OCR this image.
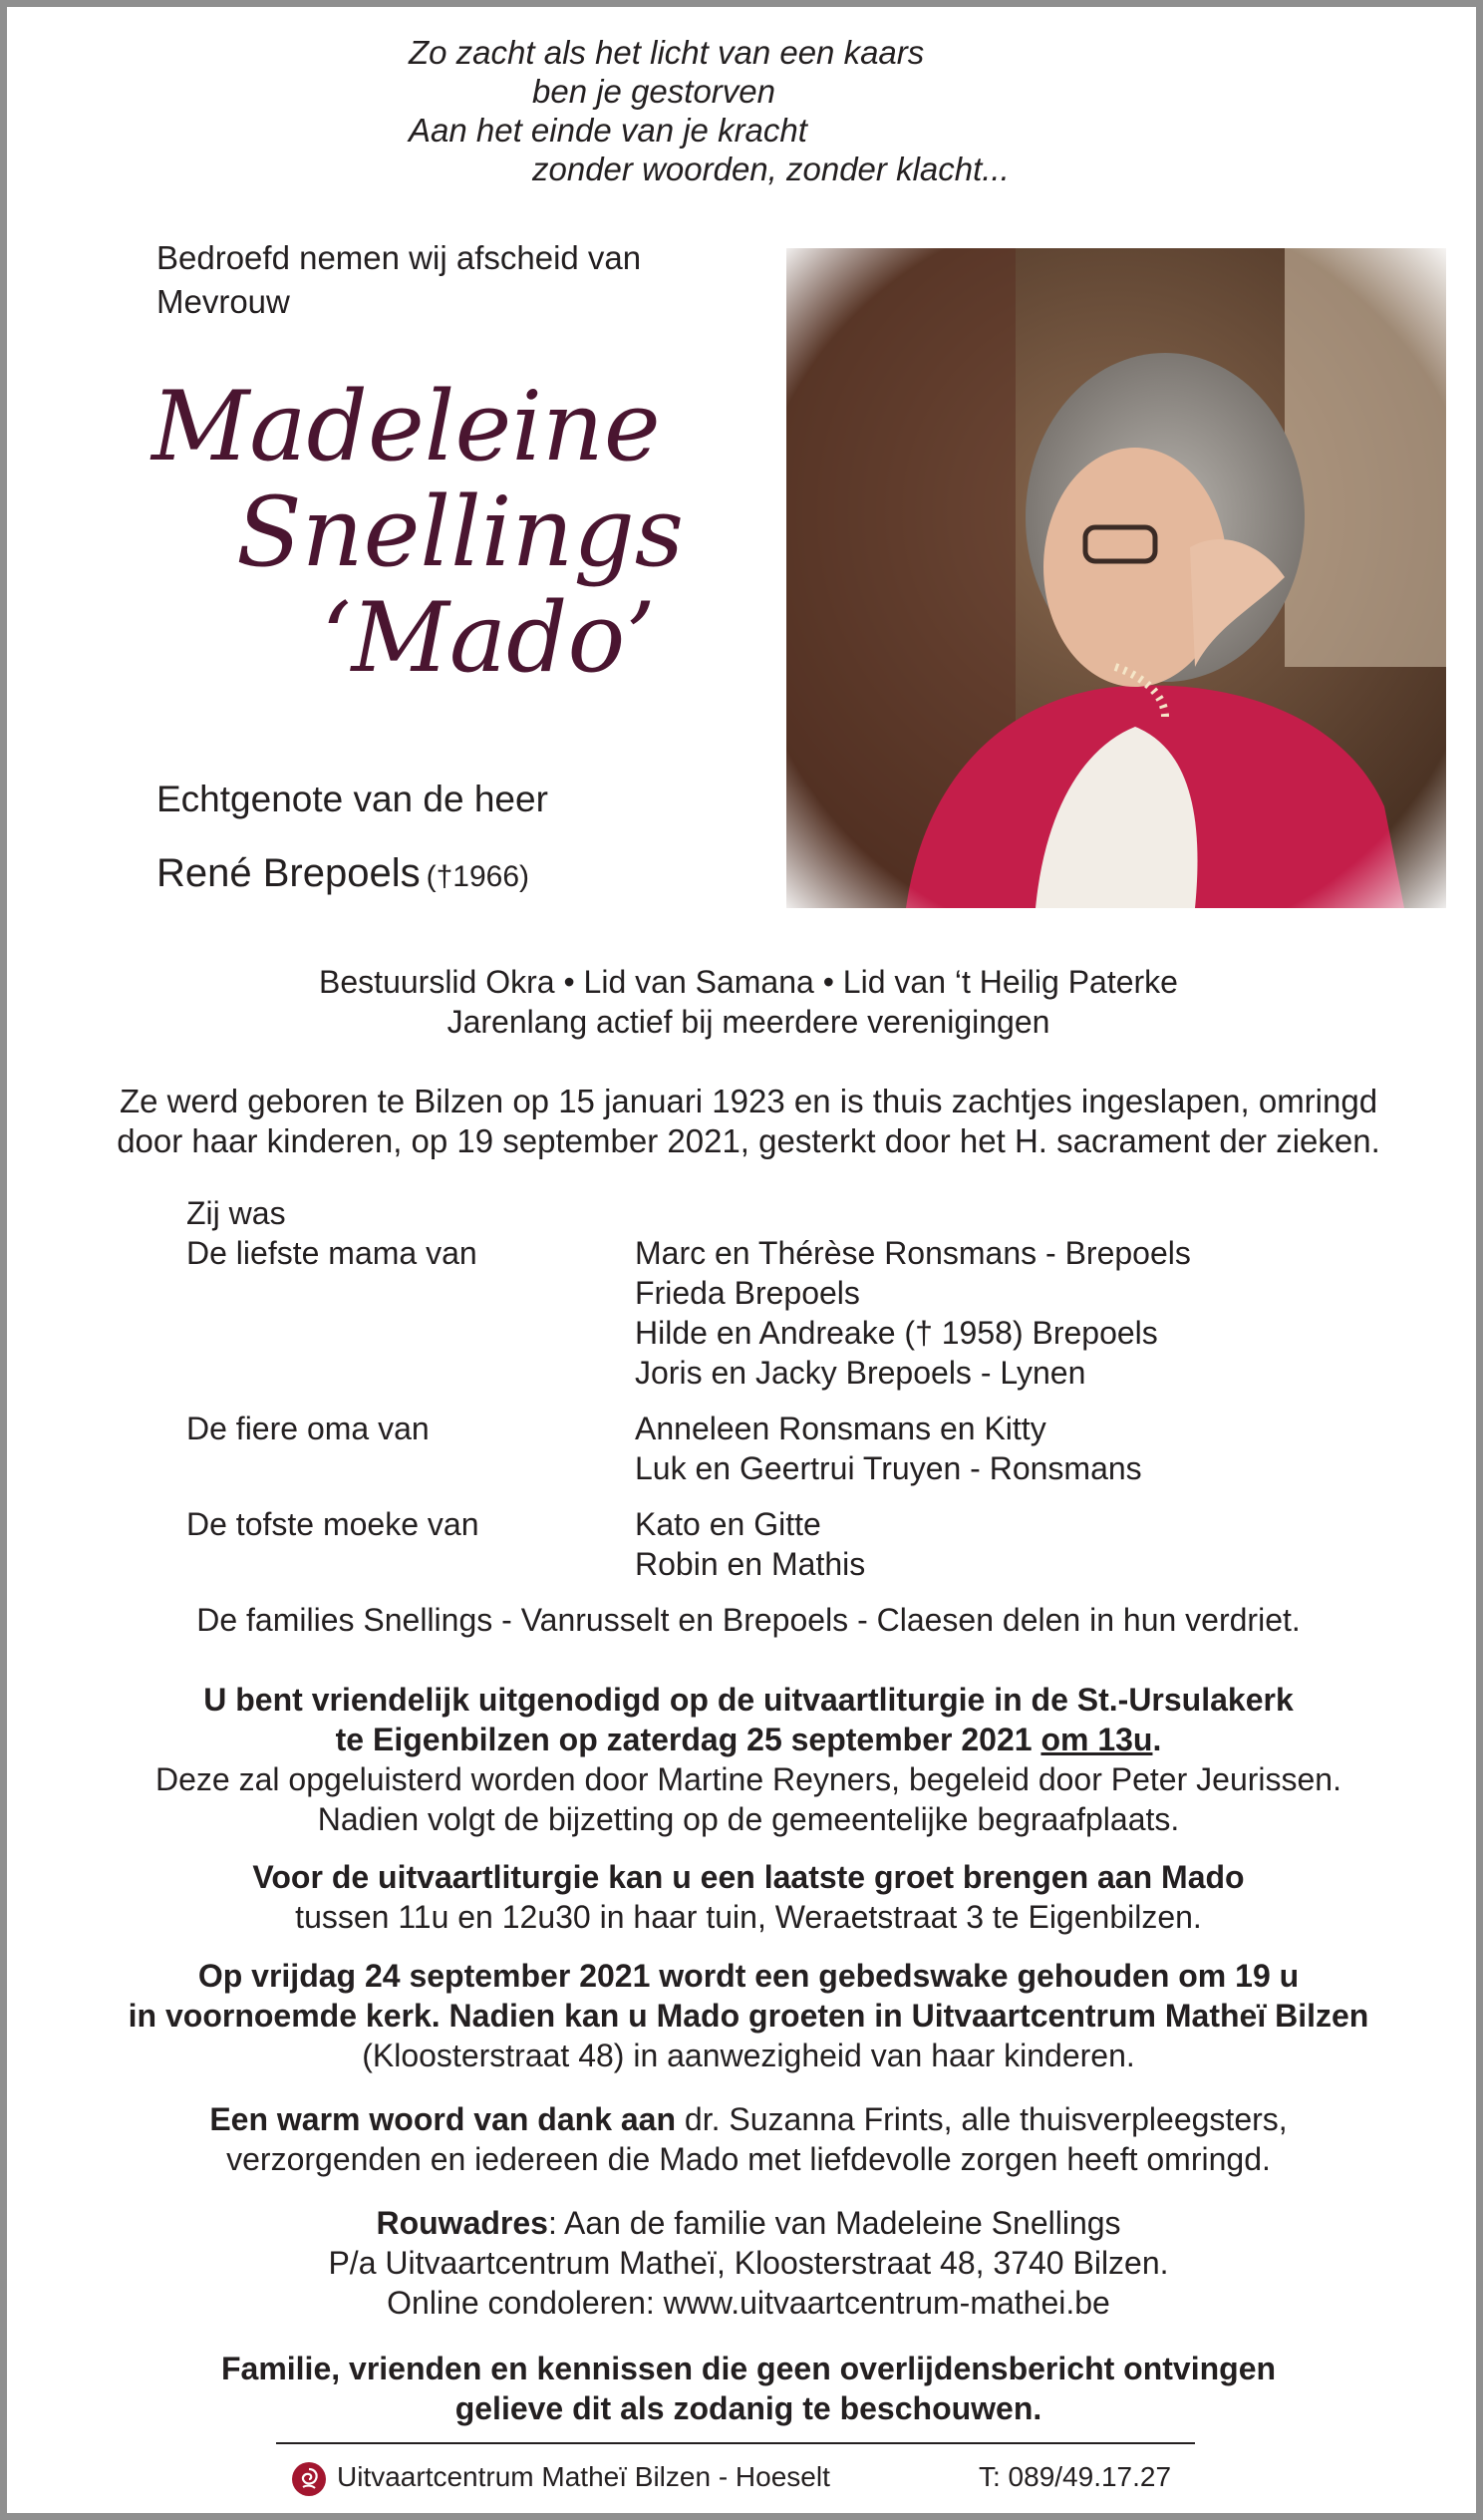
Zo zacht als het licht van een kaars
ben je gestorven
Aan het einde van je kracht
zonder woorden, zonder klacht...
Bedroefd nemen wij afscheid van
Mevrouw
Madeleine
Snellings
‘Mado’
Echtgenote van de heer
René Brepoels (†1966)
Bestuurslid Okra • Lid van Samana • Lid van ‘t Heilig Paterke
Jarenlang actief bij meerdere verenigingen
Ze werd geboren te Bilzen op 15 januari 1923 en is thuis zachtjes ingeslapen, omringd
door haar kinderen, op 19 september 2021, gesterkt door het H. sacrament der zieken.
Zij was
De liefste mama van	Marc en Thérèse Ronsmans - Brepoels
Frieda Brepoels
Hilde en Andreake († 1958) Brepoels
Joris en Jacky Brepoels - Lynen
De fiere oma van	Anneleen Ronsmans en Kitty
Luk en Geertrui Truyen - Ronsmans
De tofste moeke van	Kato en Gitte
Robin en Mathis
De families Snellings - Vanrusselt en Brepoels - Claesen delen in hun verdriet.
U bent vriendelijk uitgenodigd op de uitvaartliturgie in de St.-Ursulakerk
te Eigenbilzen op zaterdag 25 september 2021 om 13u.
Deze zal opgeluisterd worden door Martine Reyners, begeleid door Peter Jeurissen.
Nadien volgt de bijzetting op de gemeentelijke begraafplaats.
Voor de uitvaartliturgie kan u een laatste groet brengen aan Mado
tussen 11u en 12u30 in haar tuin, Weraetstraat 3 te Eigenbilzen.
Op vrijdag 24 september 2021 wordt een gebedswake gehouden om 19 u
in voornoemde kerk. Nadien kan u Mado groeten in Uitvaartcentrum Matheï Bilzen
(Kloosterstraat 48) in aanwezigheid van haar kinderen.
Een warm woord van dank aan dr. Suzanna Frints, alle thuisverpleegsters,
verzorgenden en iedereen die Mado met liefdevolle zorgen heeft omringd.
Rouwadres: Aan de familie van Madeleine Snellings
P/a Uitvaartcentrum Matheï, Kloosterstraat 48, 3740 Bilzen.
Online condoleren: www.uitvaartcentrum-mathei.be
Familie, vrienden en kennissen die geen overlijdensbericht ontvingen
gelieve dit als zodanig te beschouwen.
Uitvaartcentrum Matheï Bilzen - Hoeselt	T: 089/49.17.27
